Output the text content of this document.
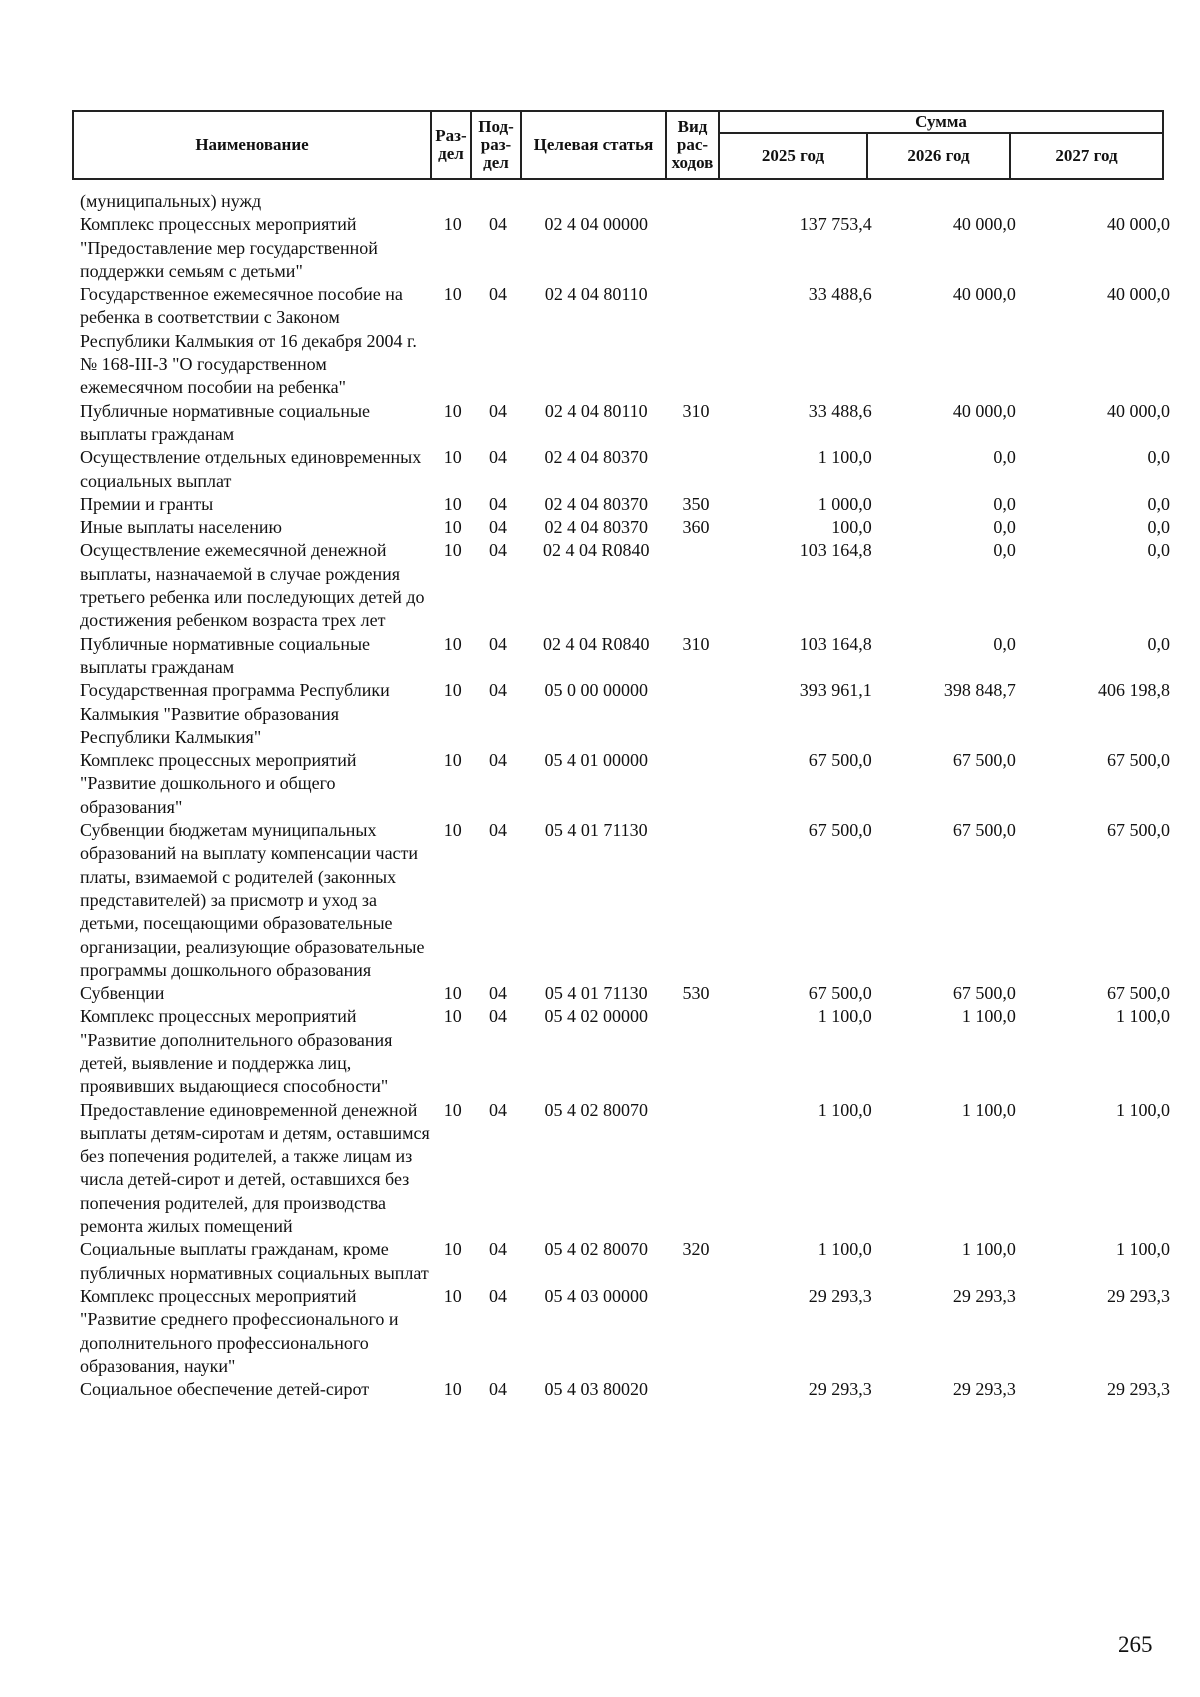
Наименование	Раз-дел	Под-раз-дел	Целевая статья	Вид рас-ходов	Сумма		
					2025 год	2026 год	2027 год
(муниципальных) нужд							
Комплекс процессных мероприятий "Предоставление мер государственной поддержки семьям с детьми"	10	04	02 4 04 00000		137 753,4	40 000,0	40 000,0
Государственное ежемесячное пособие на ребенка в соответствии с Законом Республики Калмыкия от 16 декабря 2004 г. № 168-III-З "О государственном ежемесячном пособии на ребенка"	10	04	02 4 04 80110		33 488,6	40 000,0	40 000,0
Публичные нормативные социальные выплаты гражданам	10	04	02 4 04 80110	310	33 488,6	40 000,0	40 000,0
Осуществление отдельных единовременных социальных выплат	10	04	02 4 04 80370		1 100,0	0,0	0,0
Премии и гранты	10	04	02 4 04 80370	350	1 000,0	0,0	0,0
Иные выплаты населению	10	04	02 4 04 80370	360	100,0	0,0	0,0
Осуществление ежемесячной денежной выплаты, назначаемой в случае рождения третьего ребенка или последующих детей до достижения ребенком возраста трех лет	10	04	02 4 04 R0840		103 164,8	0,0	0,0
Публичные нормативные социальные выплаты гражданам	10	04	02 4 04 R0840	310	103 164,8	0,0	0,0
Государственная программа Республики Калмыкия "Развитие образования Республики Калмыкия"	10	04	05 0 00 00000		393 961,1	398 848,7	406 198,8
Комплекс процессных мероприятий "Развитие дошкольного и общего образования"	10	04	05 4 01 00000		67 500,0	67 500,0	67 500,0
Субвенции бюджетам муниципальных образований на выплату компенсации части платы, взимаемой с родителей (законных представителей) за присмотр и уход за детьми, посещающими образовательные организации, реализующие образовательные программы дошкольного образования	10	04	05 4 01 71130		67 500,0	67 500,0	67 500,0
Субвенции	10	04	05 4 01 71130	530	67 500,0	67 500,0	67 500,0
Комплекс процессных мероприятий "Развитие дополнительного образования детей, выявление и поддержка лиц, проявивших выдающиеся способности"	10	04	05 4 02 00000		1 100,0	1 100,0	1 100,0
Предоставление единовременной денежной выплаты детям-сиротам и детям, оставшимся без попечения родителей, а также лицам из числа детей-сирот и детей, оставшихся без попечения родителей, для производства ремонта жилых помещений	10	04	05 4 02 80070		1 100,0	1 100,0	1 100,0
Социальные выплаты гражданам, кроме публичных нормативных социальных выплат	10	04	05 4 02 80070	320	1 100,0	1 100,0	1 100,0
Комплекс процессных мероприятий "Развитие среднего профессионального и дополнительного профессионального образования, науки"	10	04	05 4 03 00000		29 293,3	29 293,3	29 293,3
Социальное обеспечение детей-сирот	10	04	05 4 03 80020		29 293,3	29 293,3	29 293,3
265
